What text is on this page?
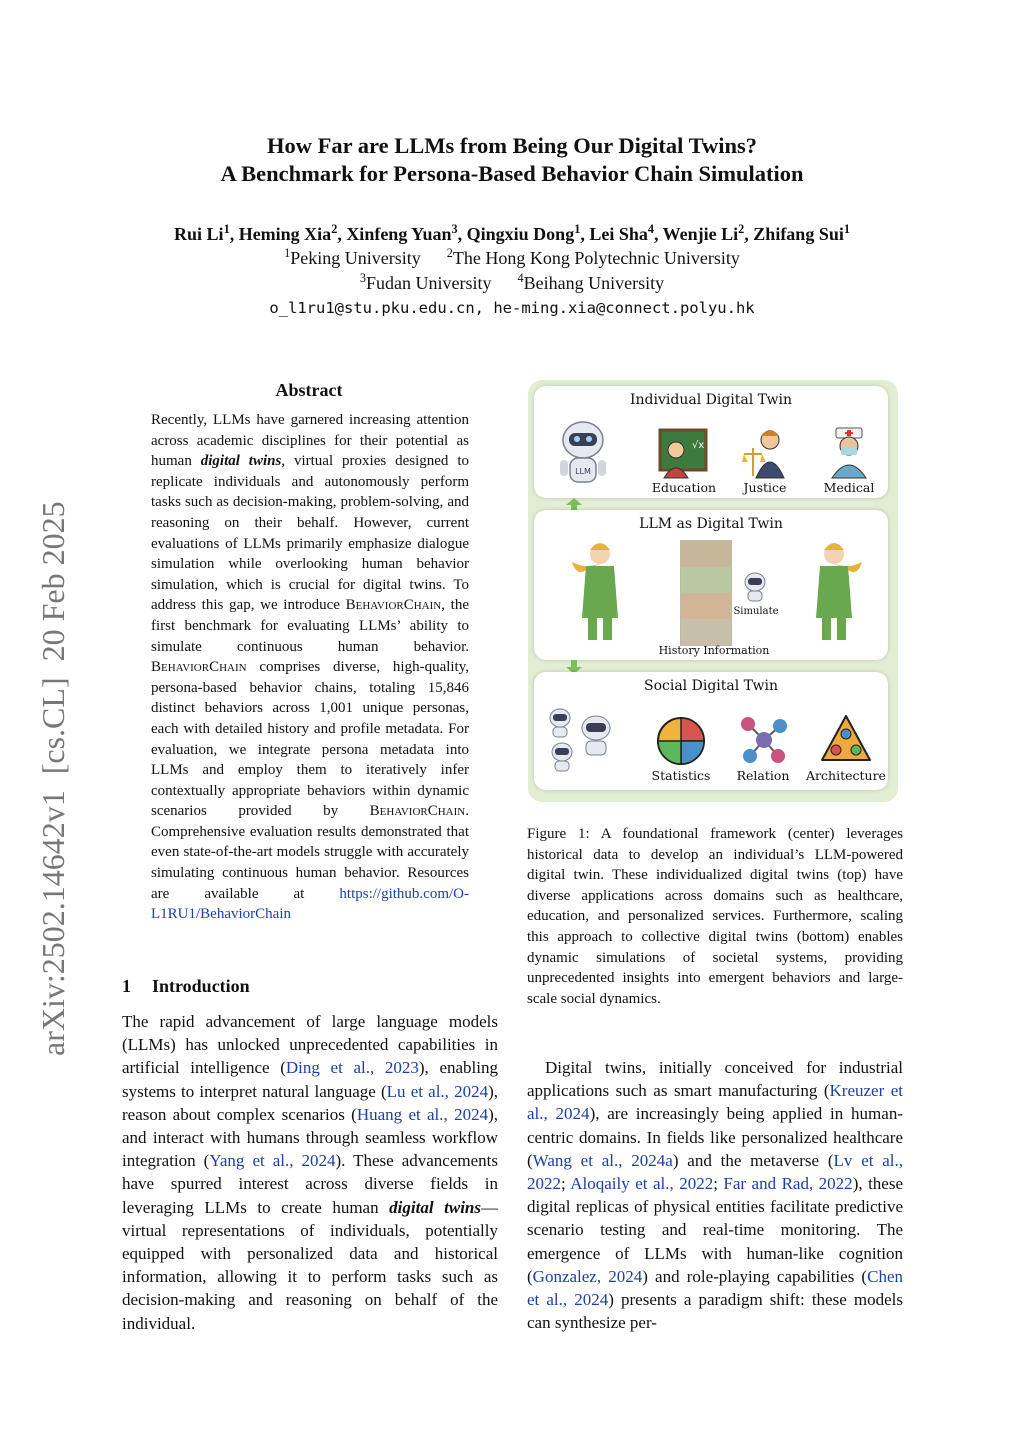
How Far are LLMs from Being Our Digital Twins?
A Benchmark for Persona-Based Behavior Chain Simulation
Rui Li$^1$, Heming Xia$^2$, Xinfeng Yuan$^3$, Qingxiu Dong$^1$, Lei Sha$^4$, Wenjie Li$^2$, Zhifang Sui$^1$
$^1$Peking University $^2$The Hong Kong Polytechnic University
$^3$Fudan University $^4$Beihang University
o_l1ru1@stu.pku.edu.cn, he-ming.xia@connect.polyu.hk
arXiv:2502.14642v1[cs.CL]20 Feb 2025
Abstract
Recently, LLMs have garnered increasing attention across academic disciplines for their potential as human digital twins, virtual proxies designed to replicate individuals and autonomously perform tasks such as decision-making, problem-solving, and reasoning on their behalf. However, current evaluations of LLMs primarily emphasize dialogue simulation while overlooking human behavior simulation, which is crucial for digital twins. To address this gap, we introduce BehaviorChain, the first benchmark for evaluating LLMs’ ability to simulate continuous human behavior. BehaviorChain comprises diverse, high-quality, persona-based behavior chains, totaling 15,846 distinct behaviors across 1,001 unique personas, each with detailed history and profile metadata. For evaluation, we integrate persona metadata into LLMs and employ them to iteratively infer contextually appropriate behaviors within dynamic scenarios provided by BehaviorChain. Comprehensive evaluation results demonstrated that even state-of-the-art models struggle with accurately simulating continuous human behavior. Resources are available at https://github.com/O-L1RU1/BehaviorChain
1 Introduction
The rapid advancement of large language models (LLMs) has unlocked unprecedented capabilities in artificial intelligence (Ding et al., 2023), enabling systems to interpret natural language (Lu et al., 2024), reason about complex scenarios (Huang et al., 2024), and interact with humans through seamless workflow integration (Yang et al., 2024). These advancements have spurred interest across diverse fields in leveraging LLMs to create human digital twins—virtual representations of individuals, potentially equipped with personalized data and historical information, allowing it to perform tasks such as decision-making and reasoning on behalf of the individual.
Individual Digital Twin
LLM
√x
Education	Justice	Medical
LLM as Digital Twin
Simulate
History Information
Social Digital Twin
Statistics	Relation	Architecture
Figure 1: A foundational framework (center) leverages historical data to develop an individual’s LLM-powered digital twin. These individualized digital twins (top) have diverse applications across domains such as healthcare, education, and personalized services. Furthermore, scaling this approach to collective digital twins (bottom) enables dynamic simulations of societal systems, providing unprecedented insights into emergent behaviors and large-scale social dynamics.
Digital twins, initially conceived for industrial applications such as smart manufacturing (Kreuzer et al., 2024), are increasingly being applied in human-centric domains. In fields like personalized healthcare (Wang et al., 2024a) and the metaverse (Lv et al., 2022; Aloqaily et al., 2022; Far and Rad, 2022), these digital replicas of physical entities facilitate predictive scenario testing and real-time monitoring. The emergence of LLMs with human-like cognition (Gonzalez, 2024) and role-playing capabilities (Chen et al., 2024) presents a paradigm shift: these models can synthesize per-
